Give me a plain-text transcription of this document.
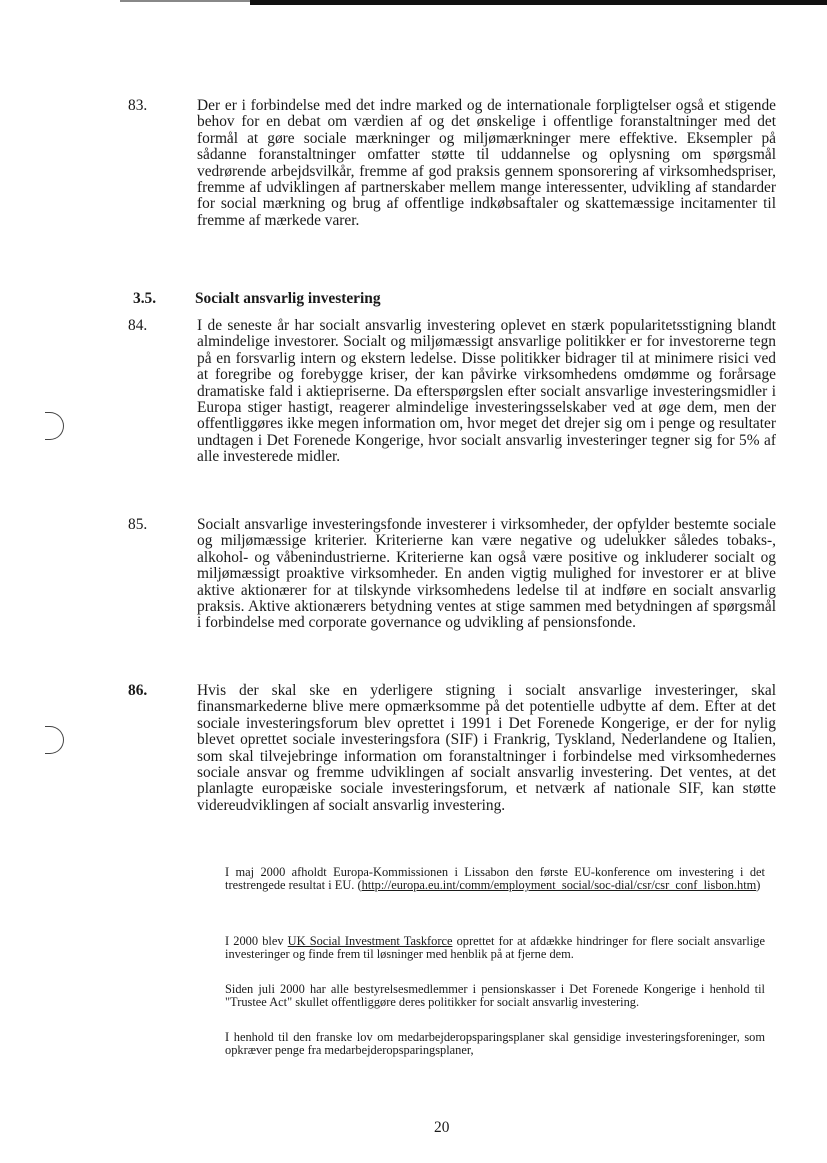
83.	Der er i forbindelse med det indre marked og de internationale forpligtelser også et stigende behov for en debat om værdien af og det ønskelige i offentlige foranstaltninger med det formål at gøre sociale mærkninger og miljømærkninger mere effektive. Eksempler på sådanne foranstaltninger omfatter støtte til uddannelse og oplysning om spørgsmål vedrørende arbejdsvilkår, fremme af god praksis gennem sponsorering af virksomhedspriser, fremme af udviklingen af partnerskaber mellem mange interessenter, udvikling af standarder for social mærkning og brug af offentlige indkøbsaftaler og skattemæssige incitamenter til fremme af mærkede varer.
3.5.	Socialt ansvarlig investering
84.	I de seneste år har socialt ansvarlig investering oplevet en stærk popularitetsstigning blandt almindelige investorer. Socialt og miljømæssigt ansvarlige politikker er for investorerne tegn på en forsvarlig intern og ekstern ledelse. Disse politikker bidrager til at minimere risici ved at foregribe og forebygge kriser, der kan påvirke virksomhedens omdømme og forårsage dramatiske fald i aktiepriserne. Da efterspørgslen efter socialt ansvarlige investeringsmidler i Europa stiger hastigt, reagerer almindelige investeringsselskaber ved at øge dem, men der offentliggøres ikke megen information om, hvor meget det drejer sig om i penge og resultater undtagen i Det Forenede Kongerige, hvor socialt ansvarlig investeringer tegner sig for 5% af alle investerede midler.
85.	Socialt ansvarlige investeringsfonde investerer i virksomheder, der opfylder bestemte sociale og miljømæssige kriterier. Kriterierne kan være negative og udelukker således tobaks-, alkohol- og våbenindustrierne. Kriterierne kan også være positive og inkluderer socialt og miljømæssigt proaktive virksomheder. En anden vigtig mulighed for investorer er at blive aktive aktionærer for at tilskynde virksomhedens ledelse til at indføre en socialt ansvarlig praksis. Aktive aktionærers betydning ventes at stige sammen med betydningen af spørgsmål i forbindelse med corporate governance og udvikling af pensionsfonde.
86.	Hvis der skal ske en yderligere stigning i socialt ansvarlige investeringer, skal finansmarkederne blive mere opmærksomme på det potentielle udbytte af dem. Efter at det sociale investeringsforum blev oprettet i 1991 i Det Forenede Kongerige, er der for nylig blevet oprettet sociale investeringsfora (SIF) i Frankrig, Tyskland, Nederlandene og Italien, som skal tilvejebringe information om foranstaltninger i forbindelse med virksomhedernes sociale ansvar og fremme udviklingen af socialt ansvarlig investering. Det ventes, at det planlagte europæiske sociale investeringsforum, et netværk af nationale SIF, kan støtte videreudviklingen af socialt ansvarlig investering.
I maj 2000 afholdt Europa-Kommissionen i Lissabon den første EU-konference om investering i det trestrengede resultat i EU. (http://europa.eu.int/comm/employment_social/soc-dial/csr/csr_conf_lisbon.htm)
I 2000 blev UK Social Investment Taskforce oprettet for at afdække hindringer for flere socialt ansvarlige investeringer og finde frem til løsninger med henblik på at fjerne dem.
Siden juli 2000 har alle bestyrelsesmedlemmer i pensionskasser i Det Forenede Kongerige i henhold til "Trustee Act" skullet offentliggøre deres politikker for socialt ansvarlig investering.
I henhold til den franske lov om medarbejderopsparingsplaner skal gensidige investeringsforeninger, som opkræver penge fra medarbejderopsparingsplaner,
20
